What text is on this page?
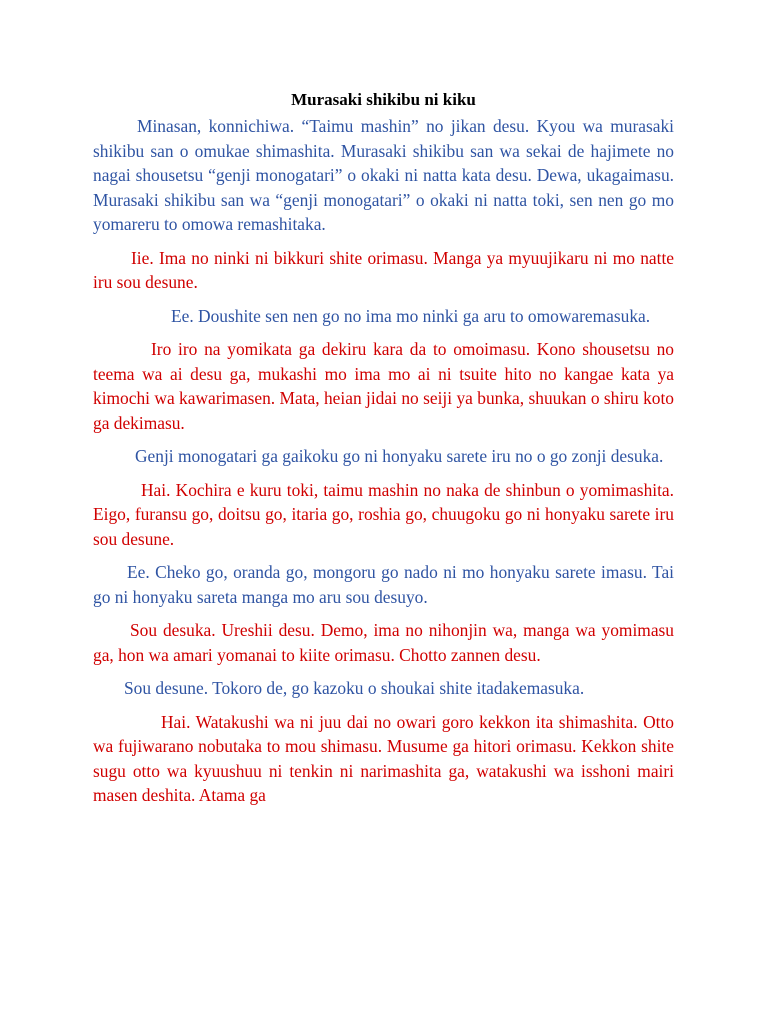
Murasaki shikibu ni kiku

Minasan, konnichiwa. “Taimu mashin” no jikan desu. Kyou wa murasaki shikibu san o omukae shimashita. Murasaki shikibu san wa sekai de hajimete no nagai shousetsu “genji monogatari” o okaki ni natta kata desu. Dewa, ukagaimasu. Murasaki shikibu san wa “genji monogatari” o okaki ni natta toki, sen nen go mo yomareru to omowa remashitaka.

Iie. Ima no ninki ni bikkuri shite orimasu. Manga ya myuujikaru ni mo natte iru sou desune.

Ee. Doushite sen nen go no ima mo ninki ga aru to omowaremasuka.

Iro iro na yomikata ga dekiru kara da to omoimasu. Kono shousetsu no teema wa ai desu ga, mukashi mo ima mo ai ni tsuite hito no kangae kata ya kimochi wa kawarimasen. Mata, heian jidai no seiji ya bunka, shuukan o shiru koto ga dekimasu.

Genji monogatari ga gaikoku go ni honyaku sarete iru no o go zonji desuka.

Hai. Kochira e kuru toki, taimu mashin no naka de shinbun o yomimashita. Eigo, furansu go, doitsu go, itaria go, roshia go, chuugoku go ni honyaku sarete iru sou desune.

Ee. Cheko go, oranda go, mongoru go nado ni mo honyaku sarete imasu. Tai go ni honyaku sareta manga mo aru sou desuyo.

Sou desuka. Ureshii desu. Demo, ima no nihonjin wa, manga wa yomimasu ga, hon wa amari yomanai to kiite orimasu. Chotto zannen desu.

Sou desune. Tokoro de, go kazoku o shoukai shite itadakemasuka.

Hai. Watakushi wa ni juu dai no owari goro kekkon ita shimashita. Otto wa fujiwarano nobutaka to mou shimasu. Musume ga hitori orimasu. Kekkon shite sugu otto wa kyuushuu ni tenkin ni narimashita ga, watakushi wa isshoni mairi masen deshita. Atama ga
